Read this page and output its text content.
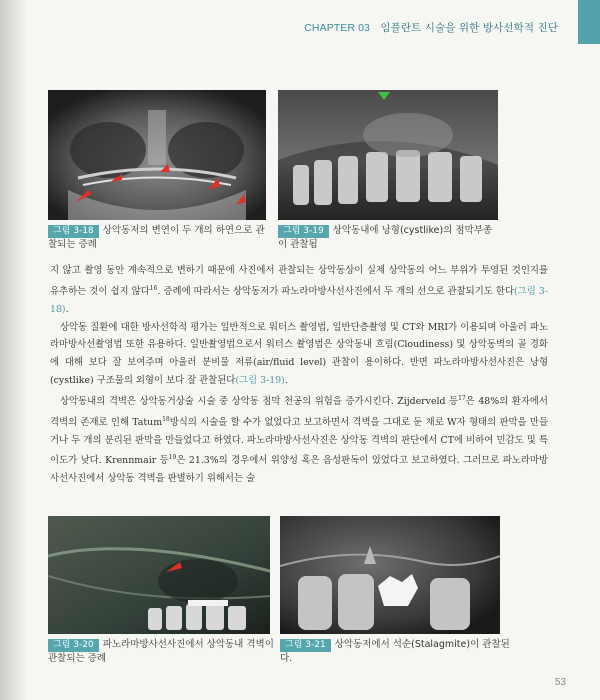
CHAPTER 03 임플란트 시술을 위한 방사선학적 진단
그림 3-18 상악동저의 변연이 두 개의 하연으로 관찰되는 증례
그림 3-19 상악동내에 낭형(cystlike)의 점막부종이 관찰됨

지 않고 촬영 동안 계속적으로 변하기 때문에 사진에서 관찰되는 상악동상이 실제 상악동의 어느 부위가 투영된 것인지를 유추하는 것이 쉽지 않다$^{16}$. 증례에 따라서는 상악동저가 파노라마방사선사진에서 두 개의 선으로 관찰되기도 한다(그림 3-18).

상악동 질환에 대한 방사선학적 평가는 일반적으로 워터스 촬영법, 일반단층촬영 및 CT와 MRI가 이용되며 아울러 파노라마방사선촬영법 또한 유용하다. 일반촬영법으로서 워터스 촬영법은 상악동내 흐림(Cloudiness) 및 상악동벽의 골 경화에 대해 보다 잘 보여주며 아울러 분비물 저류(air/fluid level) 관찰이 용이하다. 반면 파노라마방사선사진은 낭형(cystlike) 구조물의 외형이 보다 잘 관찰된다(그림 3-19).

상악동내의 격벽은 상악동거상술 시술 중 상악동 점막 천공의 위험을 증가시킨다. Zijderveld 등$^{17}$은 48%의 환자에서 격벽의 존재로 인해 Tatum$^{18}$방식의 시술을 할 수가 없었다고 보고하면서 격벽을 그대로 둔 채로 W자 형태의 판막을 만들거나 두 개의 분리된 판막을 만들었다고 하였다. 파노라마방사선사진은 상악동 격벽의 판단에서 CT에 비하여 민감도 및 특이도가 낮다. Krennmair 등$^{19}$은 21.3%의 경우에서 위양성 혹은 음성판독이 있었다고 보고하였다. 그러므로 파노라마방사선사진에서 상악동 격벽을 판별하기 위해서는 술

그림 3-20 파노라마방사선사진에서 상악동내 격벽이 관찰되는 증례
그림 3-21 상악동저에서 석순(Stalagmite)이 관찰된다.
53
